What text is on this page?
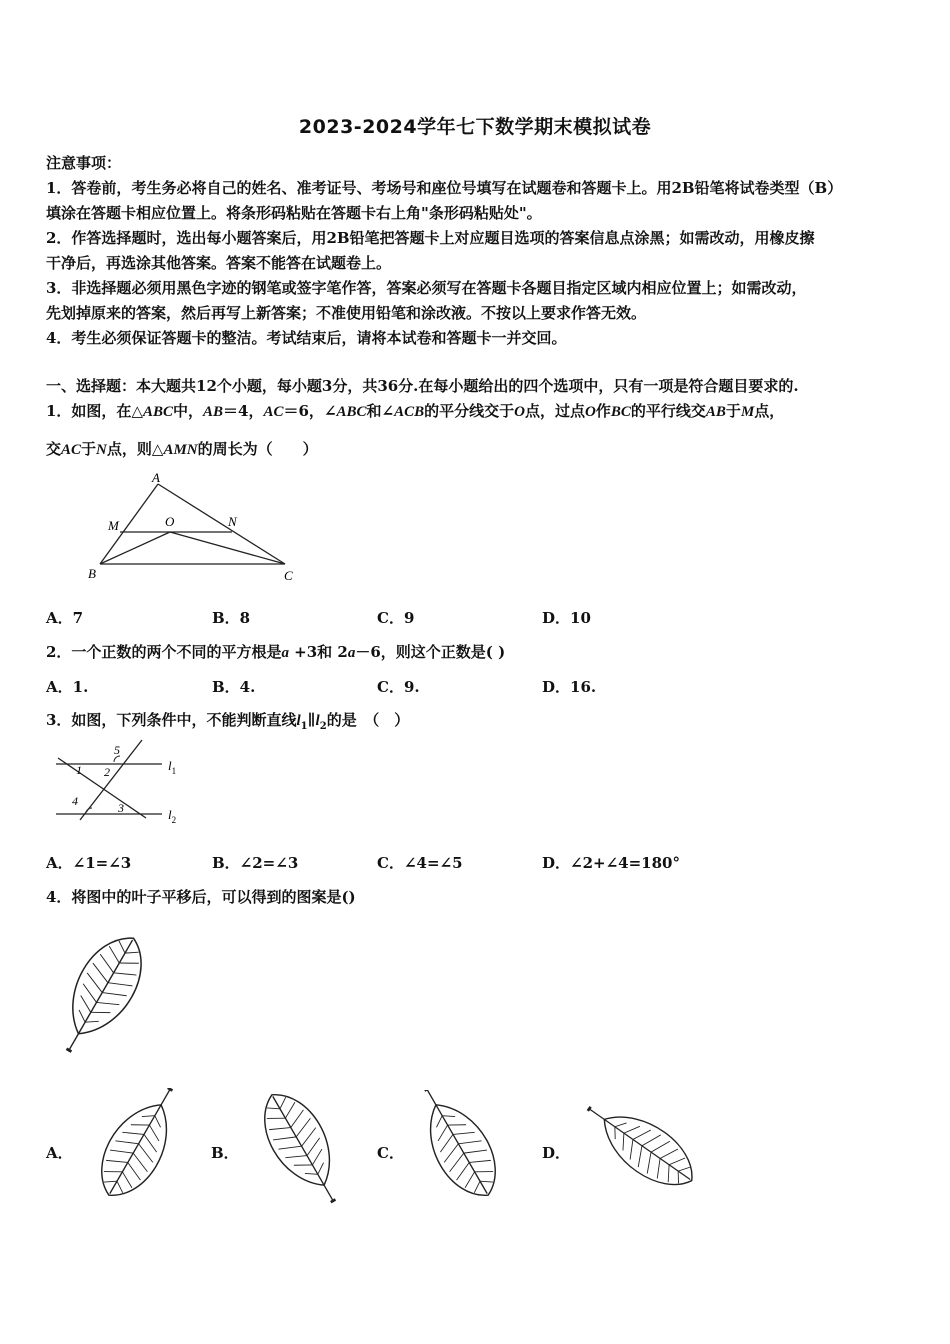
2023-2024学年七下数学期末模拟试卷
注意事项：
1．答卷前，考生务必将自己的姓名、准考证号、考场号和座位号填写在试题卷和答题卡上。用2B铅笔将试卷类型（B）
填涂在答题卡相应位置上。将条形码粘贴在答题卡右上角"条形码粘贴处"。
2．作答选择题时，选出每小题答案后，用2B铅笔把答题卡上对应题目选项的答案信息点涂黑；如需改动，用橡皮擦
干净后，再选涂其他答案。答案不能答在试题卷上。
3．非选择题必须用黑色字迹的钢笔或签字笔作答，答案必须写在答题卡各题目指定区域内相应位置上；如需改动，
先划掉原来的答案，然后再写上新答案；不准使用铅笔和涂改液。不按以上要求作答无效。
4．考生必须保证答题卡的整洁。考试结束后，请将本试卷和答题卡一并交回。
一、选择题：本大题共12个小题，每小题3分，共36分.在每小题给出的四个选项中，只有一项是符合题目要求的.
1．如图，在△ABC中，AB＝4，AC＝6，∠ABC和∠ACB的平分线交于O点，过点O作BC的平行线交AB于M点，
交AC于N点，则△AMN的周长为（　　）
A
M	O	N
B	C
A．7	B．8	C．9	D．10
2．一个正数的两个不同的平方根是a +3和 2a－6，则这个正数是( )
A．1.	B．4.	C．9.	D．16.
3．如图，下列条件中，不能判断直线$l_1\parallel l_2$的是　（　）
5
1 2
4	3
$l_1$
$l_2$
A．∠1=∠3	B．∠2=∠3	C．∠4=∠5	D．∠2+∠4=180°
4．将图中的叶子平移后，可以得到的图案是()
A．	B．	C．	D．
